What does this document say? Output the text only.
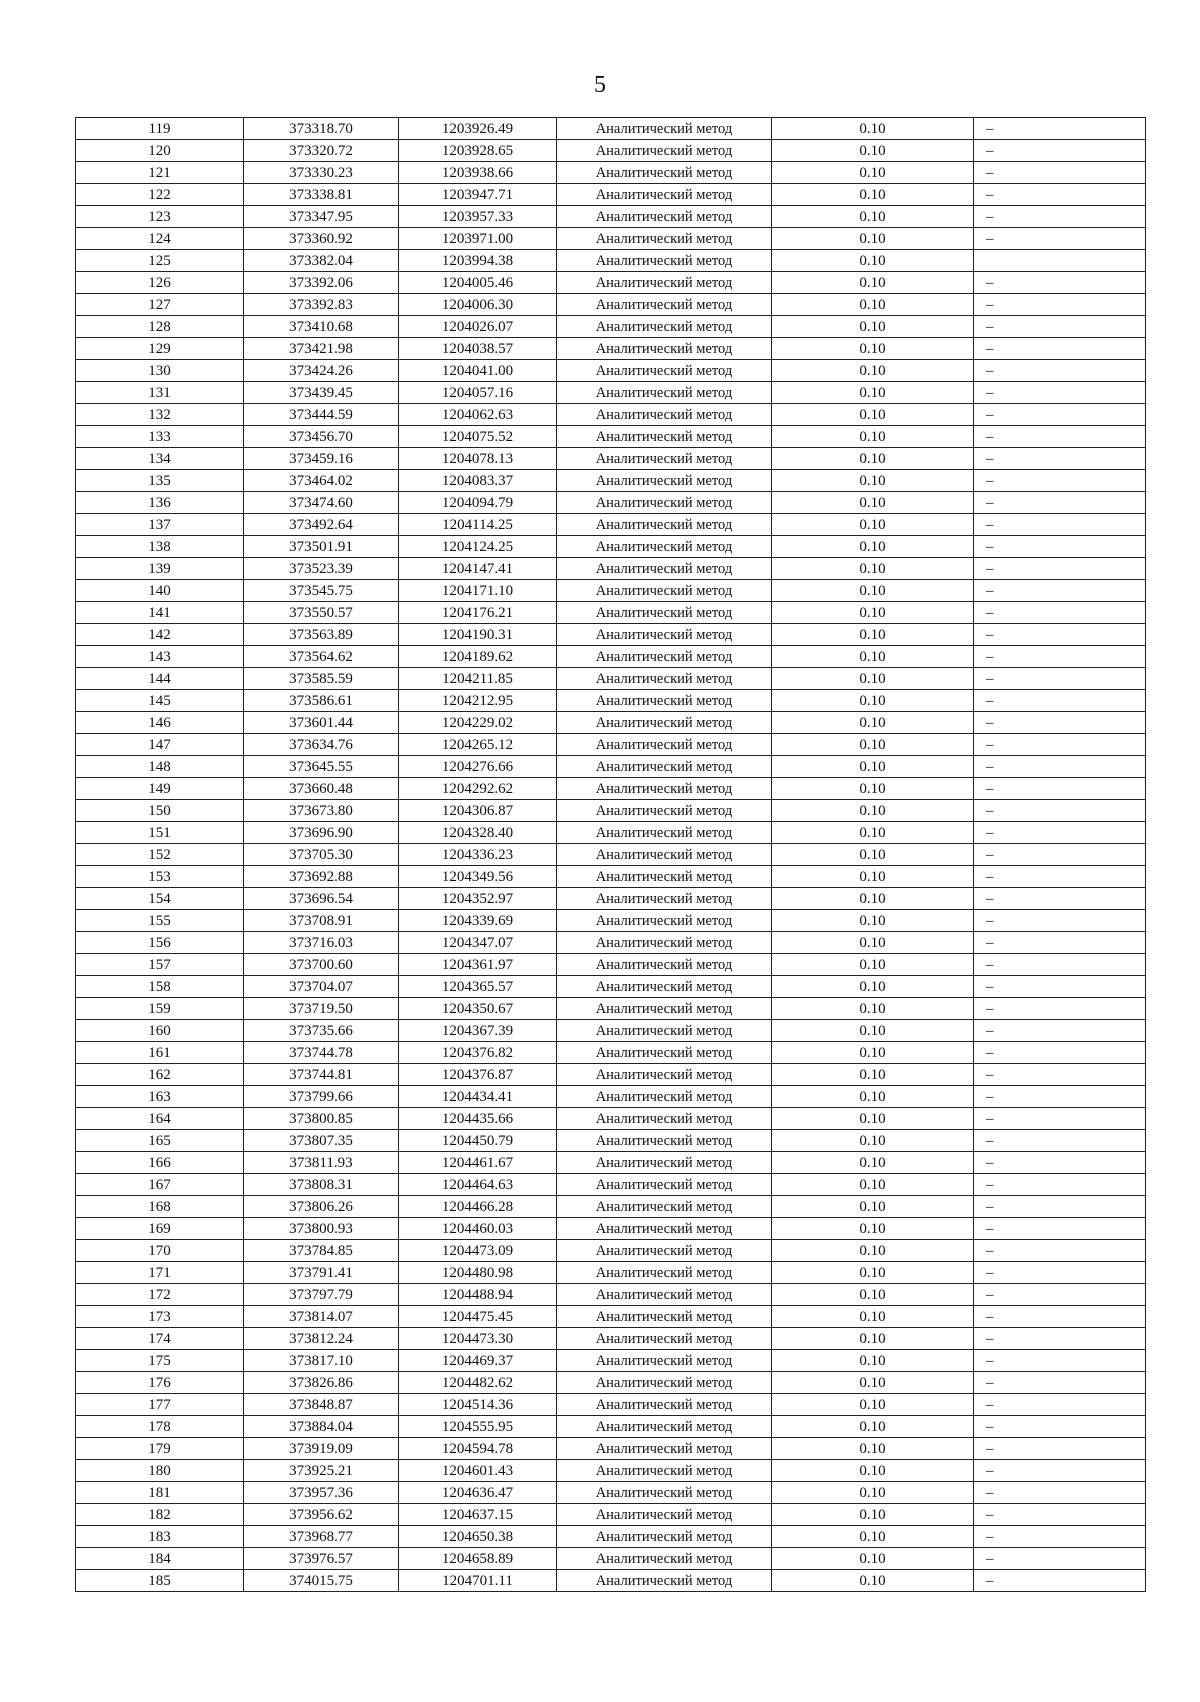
5
119	373318.70	1203926.49	Аналитический метод	0.10	–
120	373320.72	1203928.65	Аналитический метод	0.10	–
121	373330.23	1203938.66	Аналитический метод	0.10	–
122	373338.81	1203947.71	Аналитический метод	0.10	–
123	373347.95	1203957.33	Аналитический метод	0.10	–
124	373360.92	1203971.00	Аналитический метод	0.10	–
125	373382.04	1203994.38	Аналитический метод	0.10	
126	373392.06	1204005.46	Аналитический метод	0.10	–
127	373392.83	1204006.30	Аналитический метод	0.10	–
128	373410.68	1204026.07	Аналитический метод	0.10	–
129	373421.98	1204038.57	Аналитический метод	0.10	–
130	373424.26	1204041.00	Аналитический метод	0.10	–
131	373439.45	1204057.16	Аналитический метод	0.10	–
132	373444.59	1204062.63	Аналитический метод	0.10	–
133	373456.70	1204075.52	Аналитический метод	0.10	–
134	373459.16	1204078.13	Аналитический метод	0.10	–
135	373464.02	1204083.37	Аналитический метод	0.10	–
136	373474.60	1204094.79	Аналитический метод	0.10	–
137	373492.64	1204114.25	Аналитический метод	0.10	–
138	373501.91	1204124.25	Аналитический метод	0.10	–
139	373523.39	1204147.41	Аналитический метод	0.10	–
140	373545.75	1204171.10	Аналитический метод	0.10	–
141	373550.57	1204176.21	Аналитический метод	0.10	–
142	373563.89	1204190.31	Аналитический метод	0.10	–
143	373564.62	1204189.62	Аналитический метод	0.10	–
144	373585.59	1204211.85	Аналитический метод	0.10	–
145	373586.61	1204212.95	Аналитический метод	0.10	–
146	373601.44	1204229.02	Аналитический метод	0.10	–
147	373634.76	1204265.12	Аналитический метод	0.10	–
148	373645.55	1204276.66	Аналитический метод	0.10	–
149	373660.48	1204292.62	Аналитический метод	0.10	–
150	373673.80	1204306.87	Аналитический метод	0.10	–
151	373696.90	1204328.40	Аналитический метод	0.10	–
152	373705.30	1204336.23	Аналитический метод	0.10	–
153	373692.88	1204349.56	Аналитический метод	0.10	–
154	373696.54	1204352.97	Аналитический метод	0.10	–
155	373708.91	1204339.69	Аналитический метод	0.10	–
156	373716.03	1204347.07	Аналитический метод	0.10	–
157	373700.60	1204361.97	Аналитический метод	0.10	–
158	373704.07	1204365.57	Аналитический метод	0.10	–
159	373719.50	1204350.67	Аналитический метод	0.10	–
160	373735.66	1204367.39	Аналитический метод	0.10	–
161	373744.78	1204376.82	Аналитический метод	0.10	–
162	373744.81	1204376.87	Аналитический метод	0.10	–
163	373799.66	1204434.41	Аналитический метод	0.10	–
164	373800.85	1204435.66	Аналитический метод	0.10	–
165	373807.35	1204450.79	Аналитический метод	0.10	–
166	373811.93	1204461.67	Аналитический метод	0.10	–
167	373808.31	1204464.63	Аналитический метод	0.10	–
168	373806.26	1204466.28	Аналитический метод	0.10	–
169	373800.93	1204460.03	Аналитический метод	0.10	–
170	373784.85	1204473.09	Аналитический метод	0.10	–
171	373791.41	1204480.98	Аналитический метод	0.10	–
172	373797.79	1204488.94	Аналитический метод	0.10	–
173	373814.07	1204475.45	Аналитический метод	0.10	–
174	373812.24	1204473.30	Аналитический метод	0.10	–
175	373817.10	1204469.37	Аналитический метод	0.10	–
176	373826.86	1204482.62	Аналитический метод	0.10	–
177	373848.87	1204514.36	Аналитический метод	0.10	–
178	373884.04	1204555.95	Аналитический метод	0.10	–
179	373919.09	1204594.78	Аналитический метод	0.10	–
180	373925.21	1204601.43	Аналитический метод	0.10	–
181	373957.36	1204636.47	Аналитический метод	0.10	–
182	373956.62	1204637.15	Аналитический метод	0.10	–
183	373968.77	1204650.38	Аналитический метод	0.10	–
184	373976.57	1204658.89	Аналитический метод	0.10	–
185	374015.75	1204701.11	Аналитический метод	0.10	–
